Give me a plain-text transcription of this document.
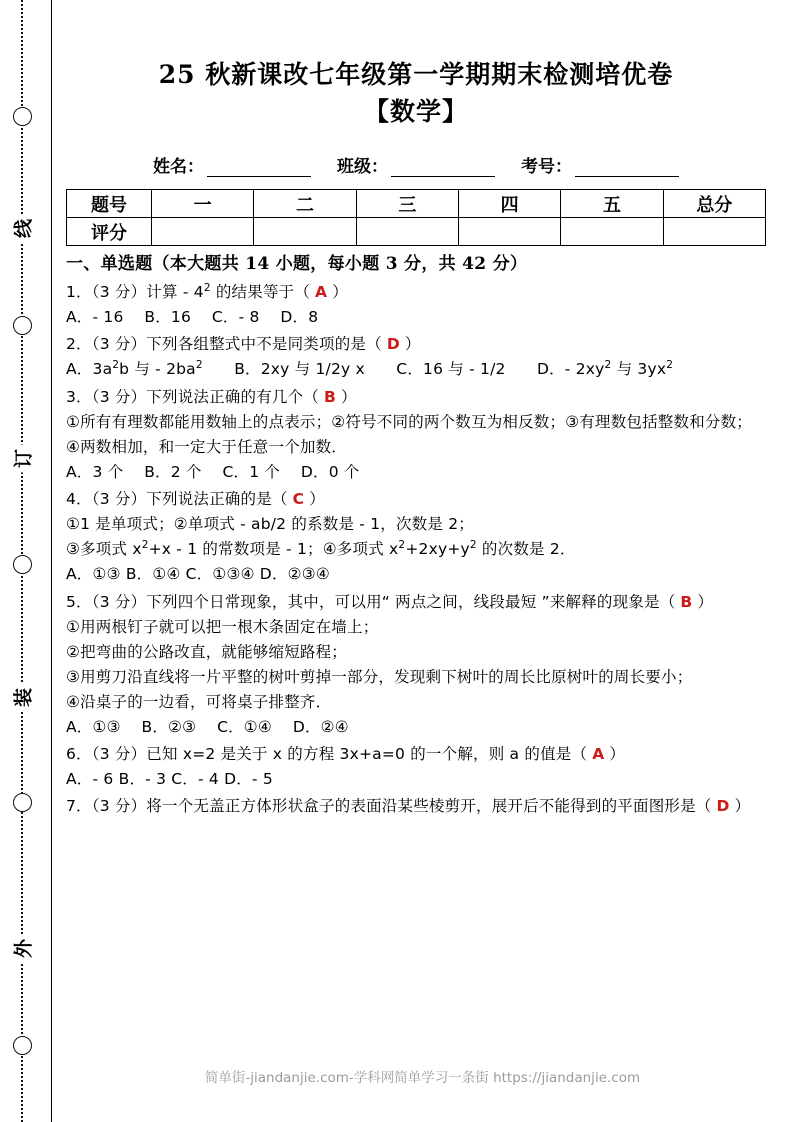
线
订
装
外
25 秋新课改七年级第一学期期末检测培优卷
【数学】
姓名：	班级：	考号：
题号	一	二	三	四	五	总分
评分						
一、单选题（本大题共 14 小题，每小题 3 分，共 42 分）
1．（3 分）计算 - $4^2$ 的结果等于（ A ）
A．- 16　 B．16　 C．- 8　 D．8
2．（3 分）下列各组整式中不是同类项的是（ D ）
A．$3a^2b$ 与 - $2ba^2$　　B．2xy 与 1/2y x　　C．16 与 - 1/2　　D．- $2xy^2$ 与 $3yx^2$
3．（3 分）下列说法正确的有几个（ B ）
①所有有理数都能用数轴上的点表示；②符号不同的两个数互为相反数；③有理数包括整数和分数；④两数相加，和一定大于任意一个加数．
A．3 个　 B．2 个　 C．1 个　 D．0 个
4．（3 分）下列说法正确的是（ C ）
①1 是单项式；②单项式 - ab/2 的系数是 - 1，次数是 2；
③多项式 $x^2+x - 1$ 的常数项是 - 1；④多项式 $x^2+2xy+y^2$ 的次数是 2．
A．①③ B．①④ C．①③④ D．②③④
5．（3 分）下列四个日常现象，其中，可以用“ 两点之间，线段最短 ”来解释的现象是（ B ）
①用两根钉子就可以把一根木条固定在墙上；
②把弯曲的公路改直，就能够缩短路程；
③用剪刀沿直线将一片平整的树叶剪掉一部分，发现剩下树叶的周长比原树叶的周长要小；
④沿桌子的一边看，可将桌子排整齐．
A．①③　 B．②③　 C．①④　 D．②④
6．（3 分）已知 x=2 是关于 x 的方程 3x+a=0 的一个解，则 a 的值是（ A ）
A．- 6 B．- 3 C．- 4 D．- 5
7．（3 分）将一个无盖正方体形状盒子的表面沿某些棱剪开，展开后不能得到的平面图形是（ D ）
简单街-jiandanjie.com-学科网简单学习一条街 https://jiandanjie.com
